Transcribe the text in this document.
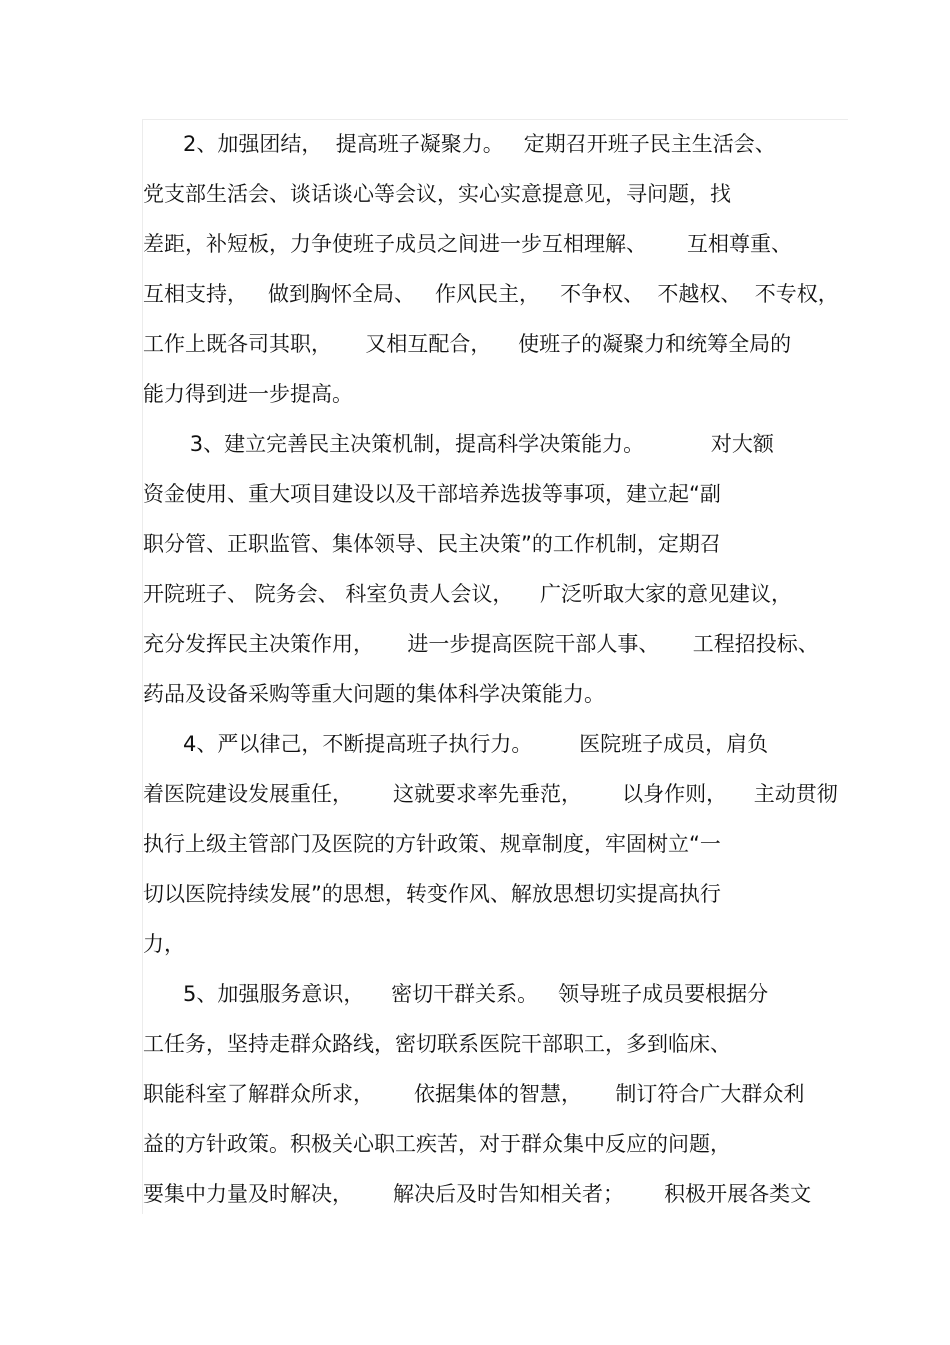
2、加强团结，  提高班子凝聚力。   定期召开班子民主生活会、
党支部生活会、谈话谈心等会议，实心实意提意见，寻问题，找
差距，补短板，力争使班子成员之间进一步互相理解、      互相尊重、
互相支持，   做到胸怀全局、   作风民主，   不争权、  不越权、  不专权，
工作上既各司其职，     又相互配合，    使班子的凝聚力和统筹全局的
能力得到进一步提高。
3、建立完善民主决策机制，提高科学决策能力。          对大额
资金使用、重大项目建设以及干部培养选拔等事项，建立起“副
职分管、正职监管、集体领导、民主决策”的工作机制，定期召
开院班子、 院务会、 科室负责人会议，    广泛听取大家的意见建议，
充分发挥民主决策作用，     进一步提高医院干部人事、     工程招投标、
药品及设备采购等重大问题的集体科学决策能力。
4、严以律己，不断提高班子执行力。       医院班子成员，肩负
着医院建设发展重任，      这就要求率先垂范，      以身作则，    主动贯彻
执行上级主管部门及医院的方针政策、规章制度，牢固树立“一
切以医院持续发展”的思想，转变作风、解放思想切实提高执行
力，
5、加强服务意识，    密切干群关系。   领导班子成员要根据分
工任务，坚持走群众路线，密切联系医院干部职工，多到临床、
职能科室了解群众所求，      依据集体的智慧，     制订符合广大群众利
益的方针政策。积极关心职工疾苦，对于群众集中反应的问题，
要集中力量及时解决，      解决后及时告知相关者；      积极开展各类文
